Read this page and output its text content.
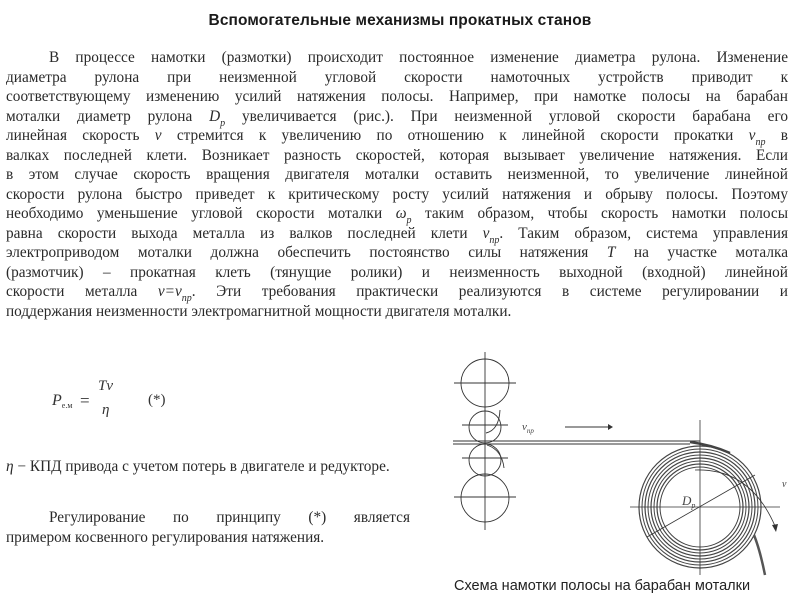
Вспомогательные механизмы прокатных станов
В процессе намотки (размотки) происходит постоянное изменение диаметра рулона. Изменение
диаметра рулона при неизменной угловой скорости намоточных устройств приводит к
соответствующему изменению усилий натяжения полосы. Например, при намотке полосы на барабан
моталки диаметр рулона $D_p$ увеличивается (рис.). При неизменной угловой скорости барабана его
линейная скорость v стремится к увеличению по отношению к линейной скорости прокатки $v_{пр}$ в
валках последней клети. Возникает разность скоростей, которая вызывает увеличение натяжения. Если
в этом случае скорость вращения двигателя моталки оставить неизменной, то увеличение линейной
скорости рулона быстро приведет к критическому росту усилий натяжения и обрыву полосы. Поэтому
необходимо уменьшение угловой скорости моталки $\omega_p$ таким образом, чтобы скорость намотки полосы
равна скорости выхода металла из валков последней клети $v_{пр}$. Таким образом, система управления
электроприводом моталки должна обеспечить постоянство силы натяжения T на участке моталка
(размотчик) – прокатная клеть (тянущие ролики) и неизменность выходной (входной) линейной
скорости металла $v=v_{пр}$. Эти требования практически реализуются в системе регулировании и
поддержания неизменности электромагнитной мощности двигателя моталки.
$P_{e.м}$ =
Tν
η
(*)
η − КПД привода с учетом потерь в двигателе и редукторе.
Регулирование по принципу (*) является
примером косвенного регулирования натяжения.
$v_{пр}$
$D_р$
v
Схема намотки полосы на барабан моталки
